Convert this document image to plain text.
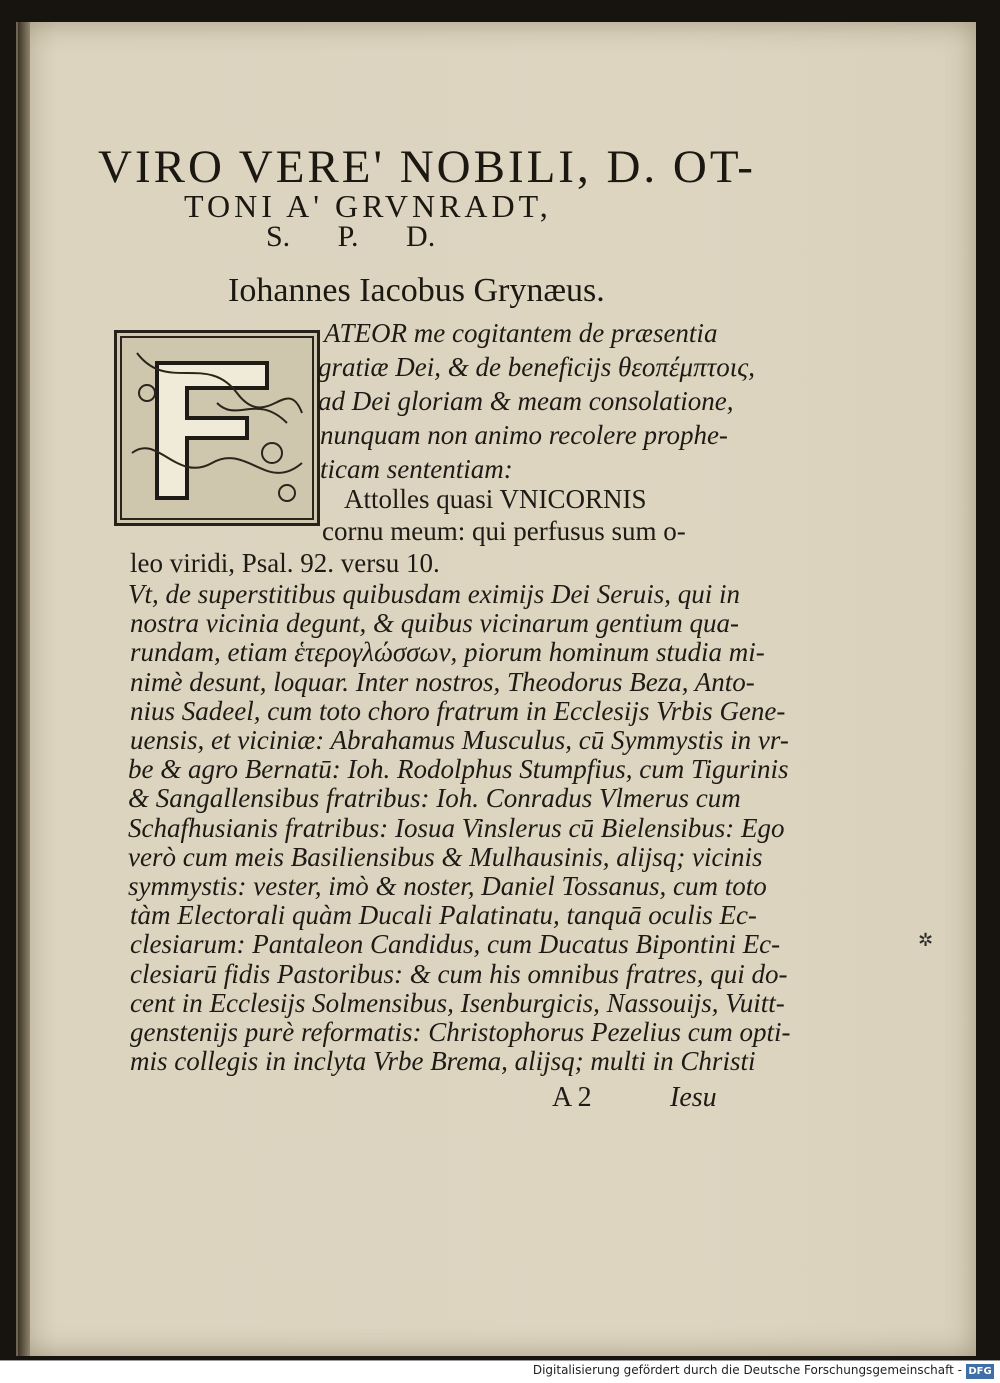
VIRO VERE' NOBILI, D. OT-
TONI A' GRVNRADT,
S. P. D.
Iohannes Iacobus Grynæus.
ATEOR me cogitantem de præsentia
gratiæ Dei, & de beneficijs θεοπέμπτοις,
ad Dei gloriam & meam consolatione,
nunquam non animo recolere prophe-
ticam sententiam:
Attolles quasi VNICORNIS
cornu meum: qui perfusus sum o-
leo viridi, Psal. 92. versu 10.
Vt, de superstitibus quibusdam eximijs Dei Seruis, qui in
nostra vicinia degunt, & quibus vicinarum gentium qua-
rundam, etiam ἑτερογλώσσων, piorum hominum studia mi-
nimè desunt, loquar. Inter nostros, Theodorus Beza, Anto-
nius Sadeel, cum toto choro fratrum in Ecclesijs Vrbis Gene-
uensis, et viciniæ: Abrahamus Musculus, cū Symmystis in vr-
be & agro Bernatū: Ioh. Rodolphus Stumpfius, cum Tigurinis
& Sangallensibus fratribus: Ioh. Conradus Vlmerus cum
Schafhusianis fratribus: Iosua Vinslerus cū Bielensibus: Ego
verò cum meis Basiliensibus & Mulhausinis, alijsq; vicinis
symmystis: vester, imò & noster, Daniel Tossanus, cum toto
tàm Electorali quàm Ducali Palatinatu, tanquā oculis Ec-
clesiarum: Pantaleon Candidus, cum Ducatus Bipontini Ec-
clesiarū fidis Pastoribus: & cum his omnibus fratres, qui do-
cent in Ecclesijs Solmensibus, Isenburgicis, Nassouijs, Vuitt-
A 2	Iesu
✲
Digitalisierung gefördert durch die Deutsche Forschungsgemeinschaft - DFG
genstenijs purè reformatis: Christophorus Pezelius cum opti-
mis collegis in inclyta Vrbe Brema, alijsq; multi in Christi
